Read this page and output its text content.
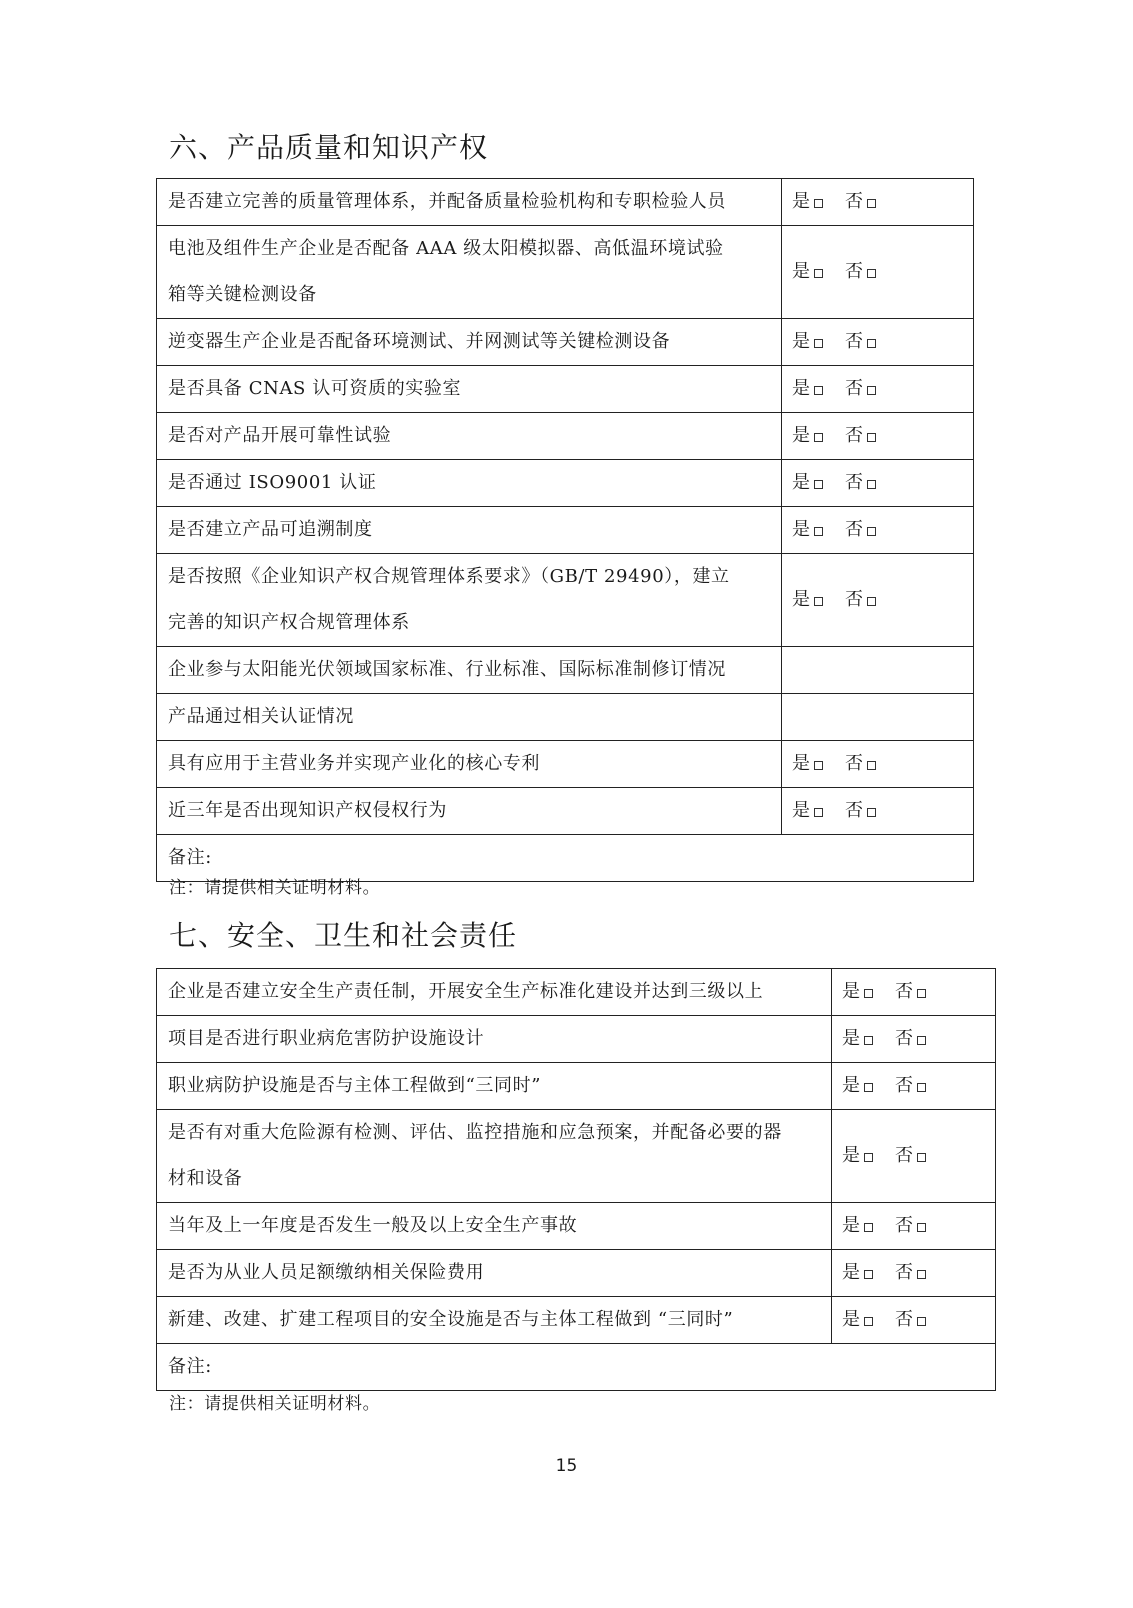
六、产品质量和知识产权
是否建立完善的质量管理体系，并配备质量检验机构和专职检验人员	是 否

电池及组件生产企业是否配备 AAA 级太阳模拟器、高低温环境试验
箱等关键检测设备	是 否

逆变器生产企业是否配备环境测试、并网测试等关键检测设备	是 否

是否具备 CNAS 认可资质的实验室	是 否

是否对产品开展可靠性试验	是 否

是否通过 ISO9001 认证	是 否

是否建立产品可追溯制度	是 否

是否按照《企业知识产权合规管理体系要求》（GB/T 29490），建立
完善的知识产权合规管理体系	是 否

企业参与太阳能光伏领域国家标准、行业标准、国际标准制修订情况	

产品通过相关认证情况	

具有应用于主营业务并实现产业化的核心专利	是 否

近三年是否出现知识产权侵权行为	是 否
备注:	

注：请提供相关证明材料。

七、安全、卫生和社会责任
企业是否建立安全生产责任制，开展安全生产标准化建设并达到三级以上	是 否

项目是否进行职业病危害防护设施设计	是 否

职业病防护设施是否与主体工程做到“三同时”	是 否

是否有对重大危险源有检测、评估、监控措施和应急预案，并配备必要的器
材和设备	是 否

当年及上一年度是否发生一般及以上安全生产事故	是 否

是否为从业人员足额缴纳相关保险费用	是 否

新建、改建、扩建工程项目的安全设施是否与主体工程做到 “三同时”	是 否
备注:	

注：请提供相关证明材料。

15
